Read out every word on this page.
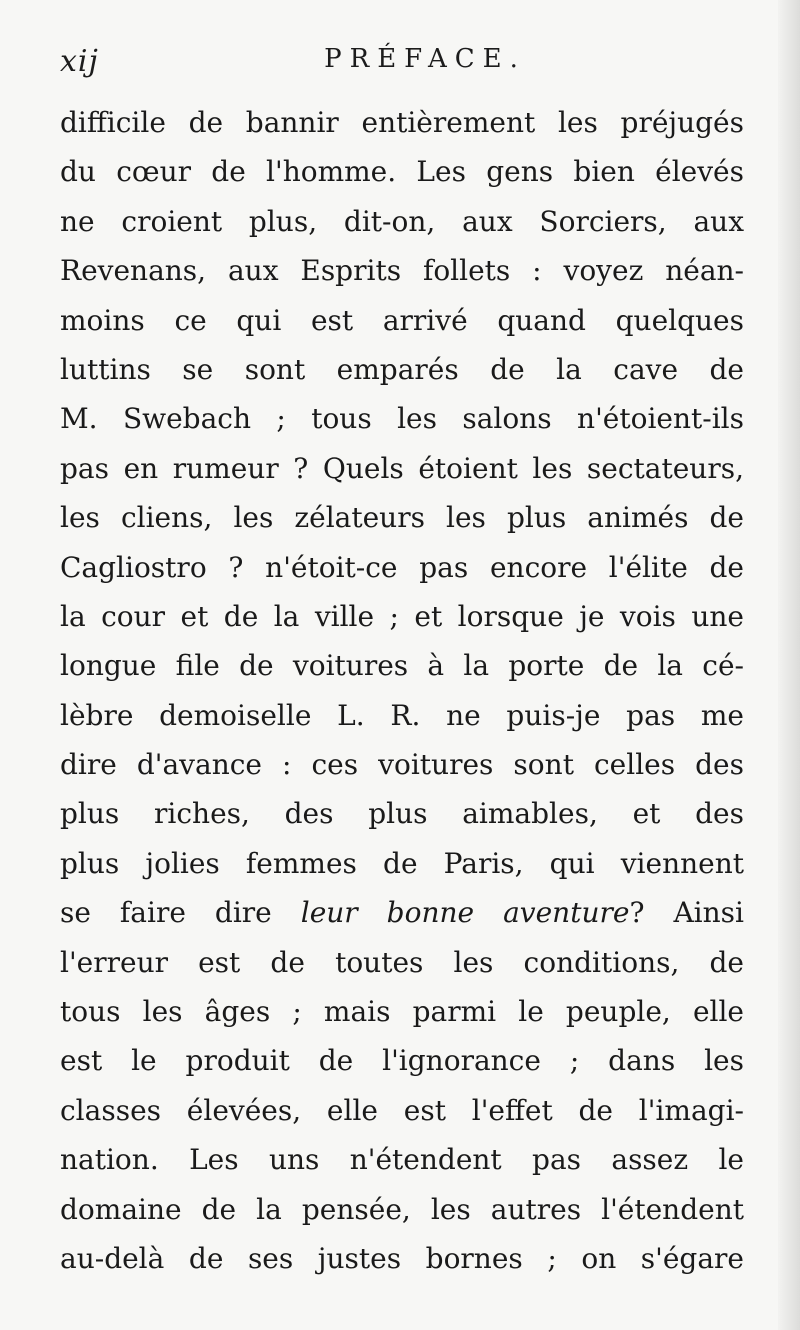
xij	PRÉFACE.
difficile de bannir entièrement les préjugés
du cœur de l'homme. Les gens bien élevés
ne croient plus, dit-on, aux Sorciers, aux
Revenans, aux Esprits follets : voyez néan-
moins ce qui est arrivé quand quelques
luttins se sont emparés de la cave de
M. Swebach ; tous les salons n'étoient-ils
pas en rumeur ? Quels étoient les sectateurs,
les cliens, les zélateurs les plus animés de
Cagliostro ? n'étoit-ce pas encore l'élite de
la cour et de la ville ; et lorsque je vois une
longue file de voitures à la porte de la cé-
lèbre demoiselle L. R. ne puis-je pas me
dire d'avance : ces voitures sont celles des
plus riches, des plus aimables, et des
plus jolies femmes de Paris, qui viennent
se faire dire leur bonne aventure? Ainsi
l'erreur est de toutes les conditions, de
tous les âges ; mais parmi le peuple, elle
est le produit de l'ignorance ; dans les
classes élevées, elle est l'effet de l'imagi-
nation. Les uns n'étendent pas assez le
domaine de la pensée, les autres l'étendent
au-delà de ses justes bornes ; on s'égare
